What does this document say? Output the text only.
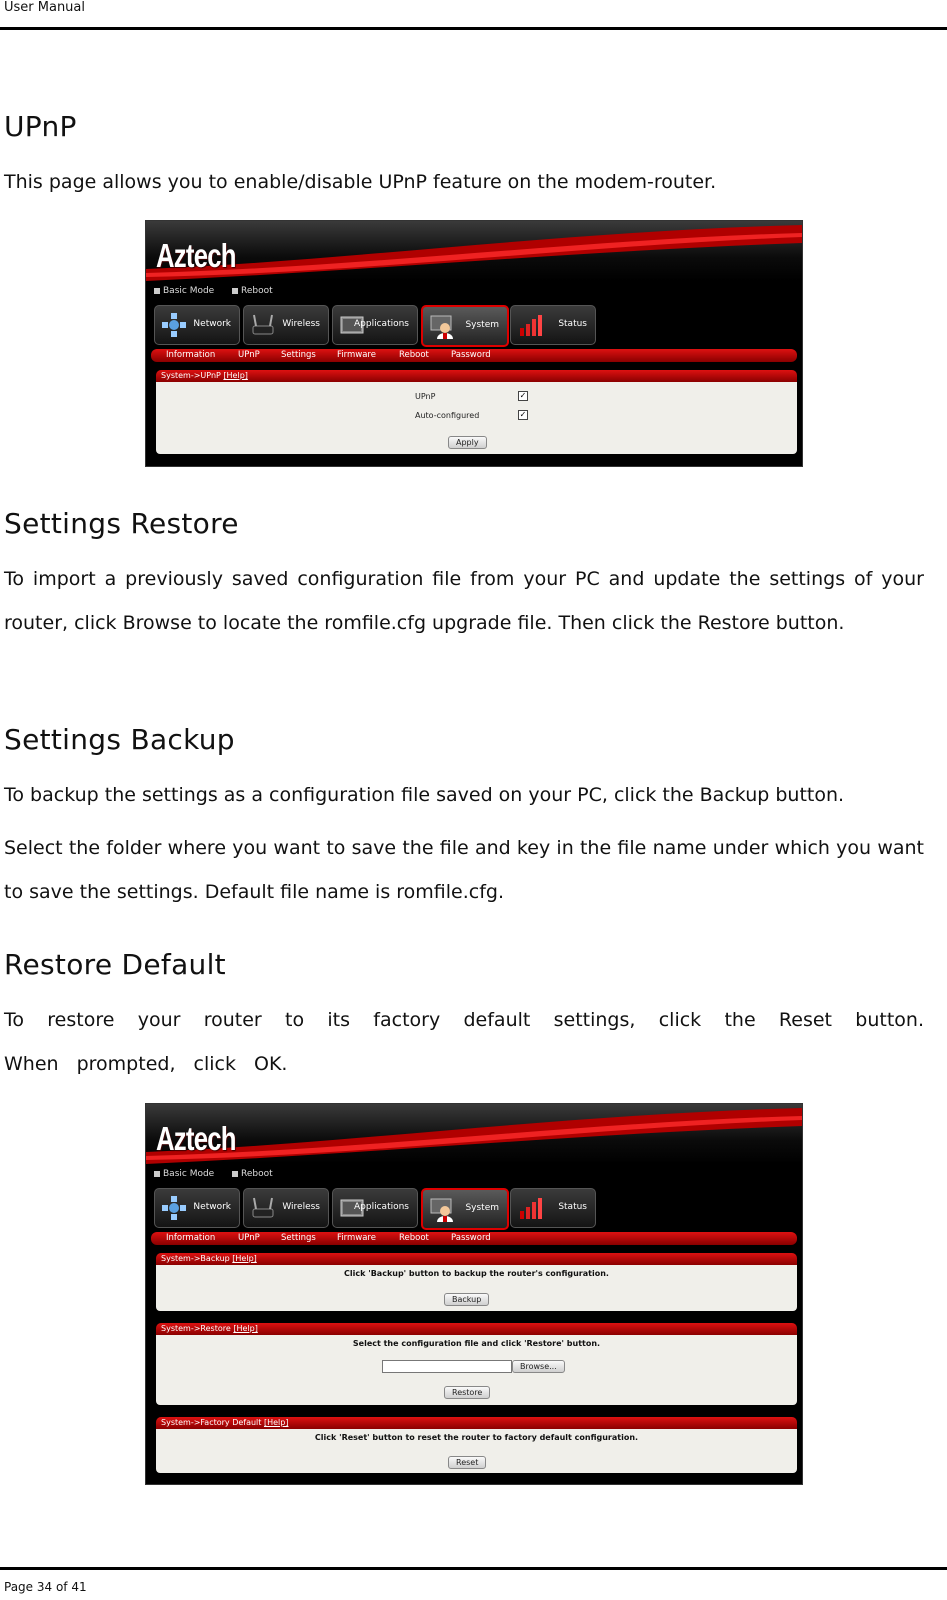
User Manual
UPnP

This page allows you to enable/disable UPnP feature on the modem-router.

Aztech
Basic Mode	Reboot
Network	Wireless	Applications	System	Status
Information	UPnP	Settings Firmware	Reboot	Password
System->UPnP [Help]
UPnP	✓
Auto-configured	✓
Apply
Settings Restore

To import a previously saved configuration file from your PC and update the settings of your router, click Browse to locate the romfile.cfg upgrade file. Then click the Restore button.

Settings Backup

To backup the settings as a configuration file saved on your PC, click the Backup button.

Select the folder where you want to save the file and key in the file name under which you want to save the settings. Default file name is romfile.cfg.

Restore Default

To restore your router to its factory default settings, click the Reset button. When prompted, click OK.

Aztech
Basic Mode	Reboot
Network	Wireless	Applications	System	Status
Information	UPnP	Settings Firmware	Reboot	Password
System->Backup [Help]
Click 'Backup' button to backup the router's configuration.
Backup
System->Restore [Help]
Select the configuration file and click 'Restore' button.
Browse...
Restore
System->Factory Default [Help]
Click 'Reset' button to reset the router to factory default configuration.
Reset
Page 34 of 41
